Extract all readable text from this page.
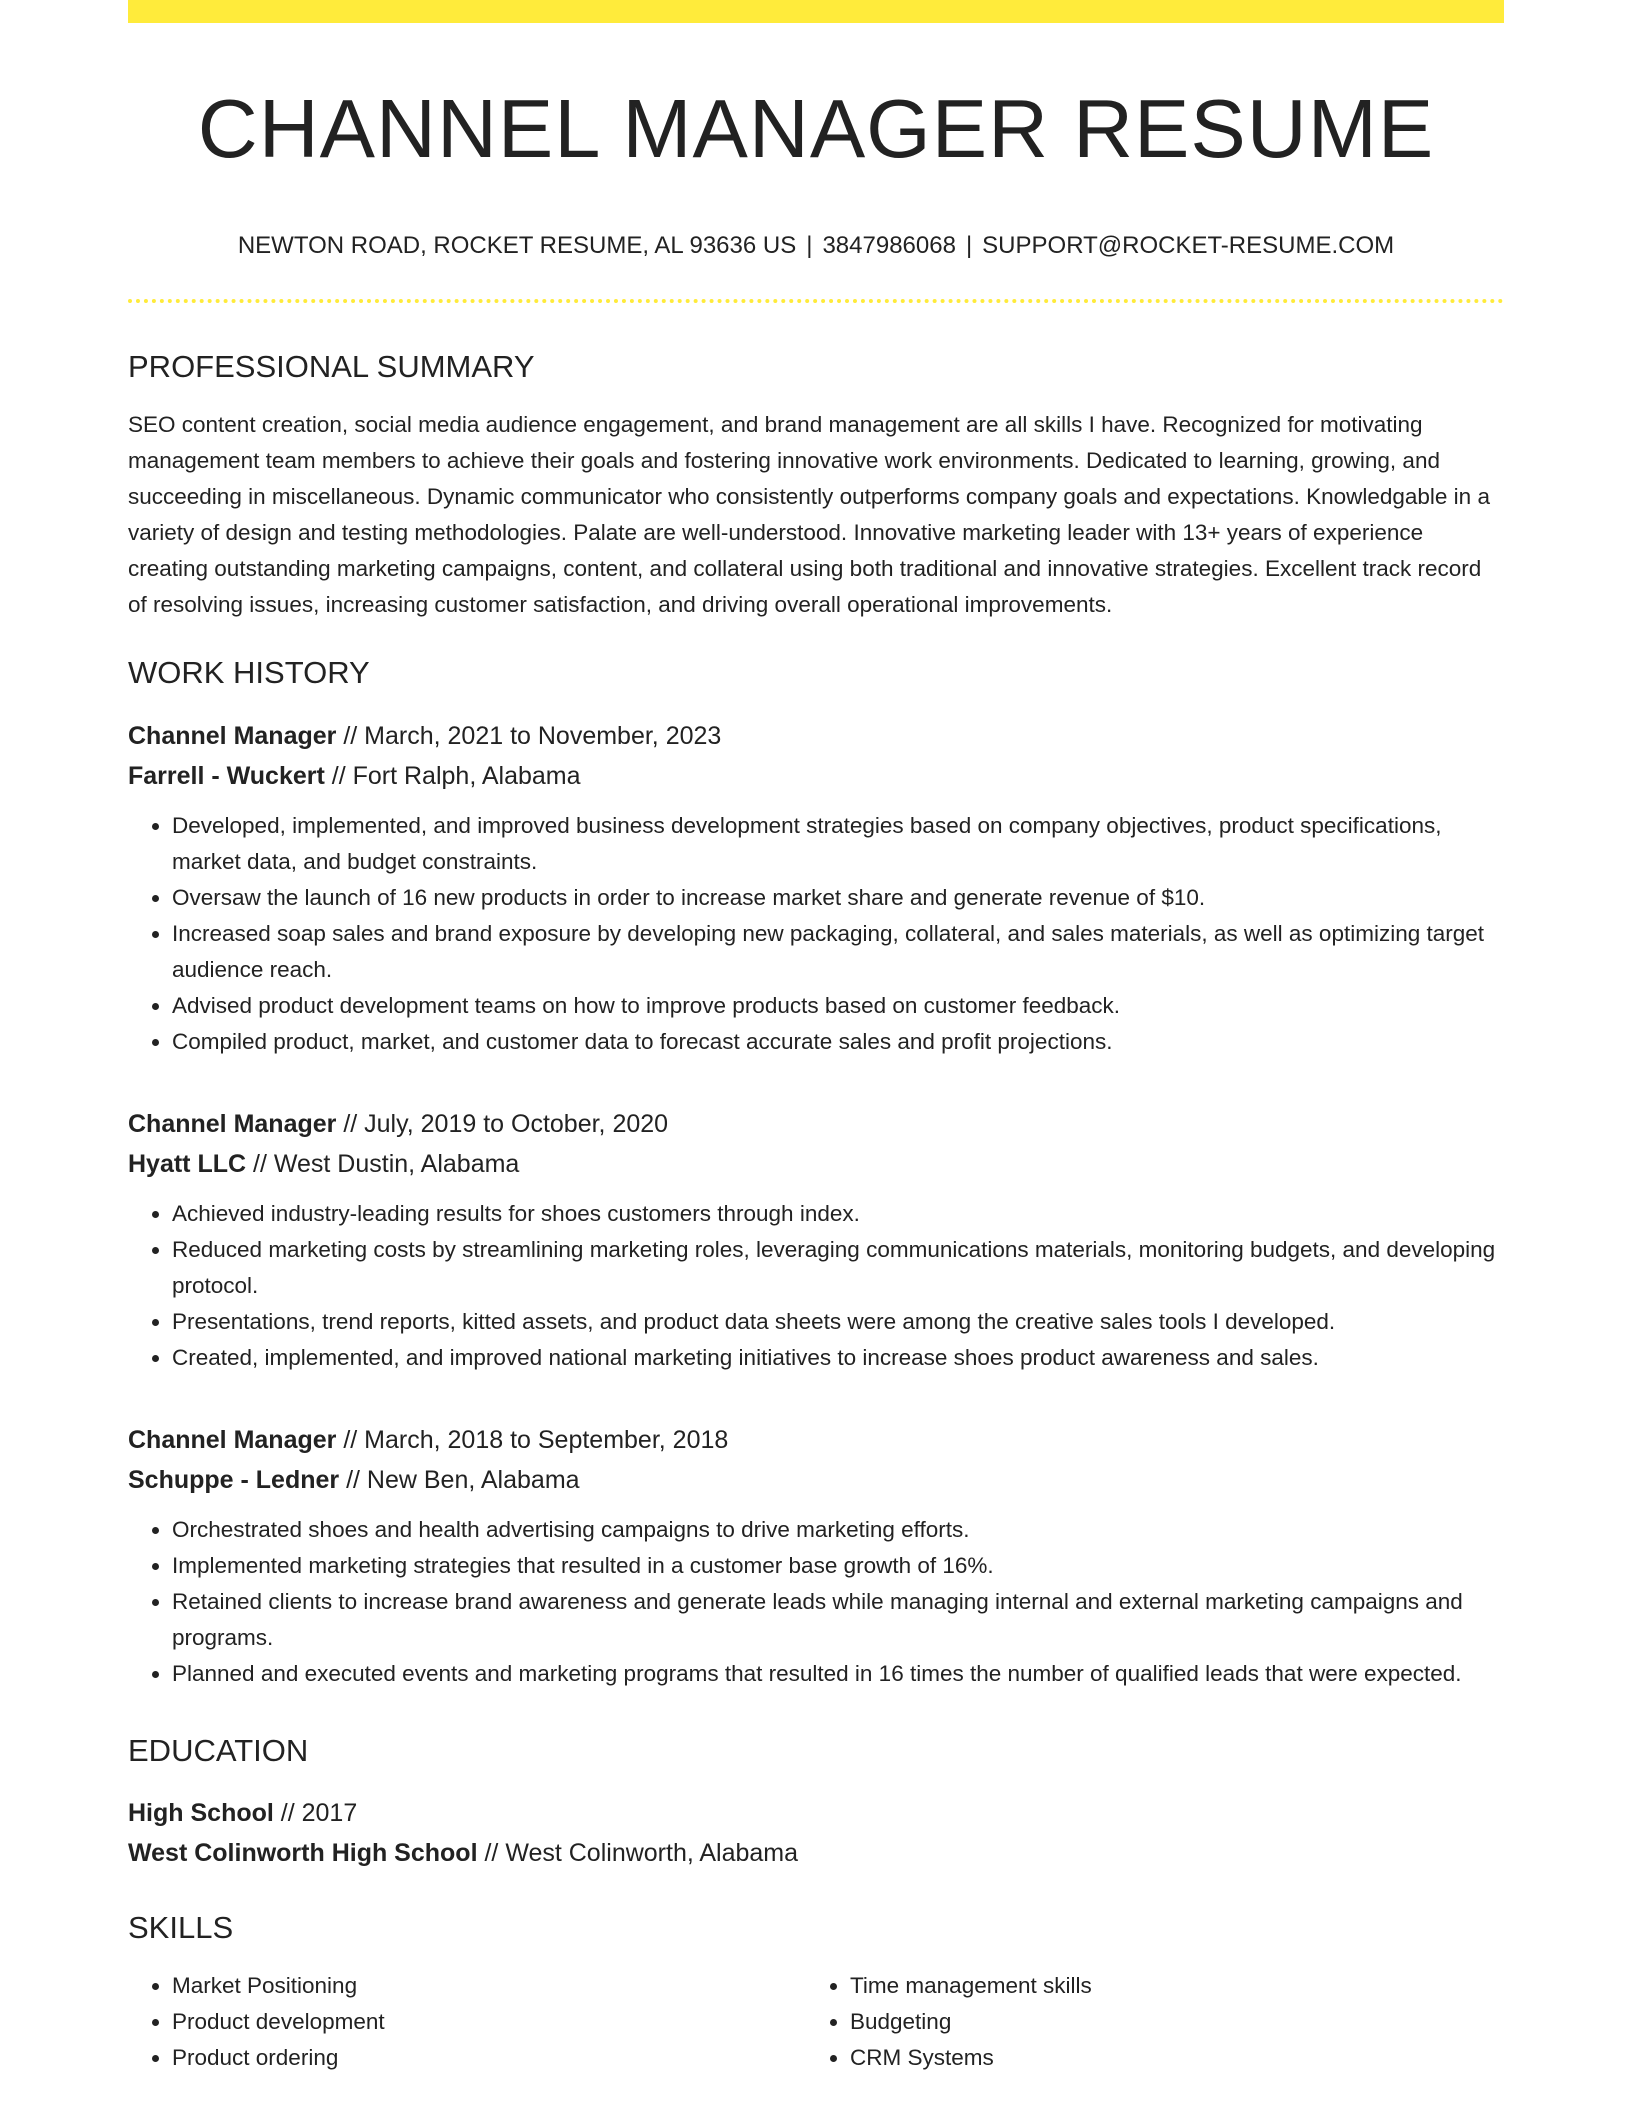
CHANNEL MANAGER RESUME
NEWTON ROAD, ROCKET RESUME, AL 93636 US | 3847986068 | SUPPORT@ROCKET-RESUME.COM
PROFESSIONAL SUMMARY
SEO content creation, social media audience engagement, and brand management are all skills I have. Recognized for motivating management team members to achieve their goals and fostering innovative work environments. Dedicated to learning, growing, and succeeding in miscellaneous. Dynamic communicator who consistently outperforms company goals and expectations. Knowledgable in a variety of design and testing methodologies. Palate are well-understood. Innovative marketing leader with 13+ years of experience creating outstanding marketing campaigns, content, and collateral using both traditional and innovative strategies. Excellent track record of resolving issues, increasing customer satisfaction, and driving overall operational improvements.
WORK HISTORY
Channel Manager // March, 2021 to November, 2023
Farrell - Wuckert // Fort Ralph, Alabama
• Developed, implemented, and improved business development strategies based on company objectives, product specifications, market data, and budget constraints.
• Oversaw the launch of 16 new products in order to increase market share and generate revenue of $10.
• Increased soap sales and brand exposure by developing new packaging, collateral, and sales materials, as well as optimizing target audience reach.
• Advised product development teams on how to improve products based on customer feedback.
• Compiled product, market, and customer data to forecast accurate sales and profit projections.
Channel Manager // July, 2019 to October, 2020
Hyatt LLC // West Dustin, Alabama
• Achieved industry-leading results for shoes customers through index.
• Reduced marketing costs by streamlining marketing roles, leveraging communications materials, monitoring budgets, and developing protocol.
• Presentations, trend reports, kitted assets, and product data sheets were among the creative sales tools I developed.
• Created, implemented, and improved national marketing initiatives to increase shoes product awareness and sales.
Channel Manager // March, 2018 to September, 2018
Schuppe - Ledner // New Ben, Alabama
• Orchestrated shoes and health advertising campaigns to drive marketing efforts.
• Implemented marketing strategies that resulted in a customer base growth of 16%.
• Retained clients to increase brand awareness and generate leads while managing internal and external marketing campaigns and programs.
• Planned and executed events and marketing programs that resulted in 16 times the number of qualified leads that were expected.
EDUCATION
High School // 2017
West Colinworth High School // West Colinworth, Alabama
SKILLS
• Market Positioning
• Product development
• Product ordering
• Time management skills
• Budgeting
• CRM Systems
